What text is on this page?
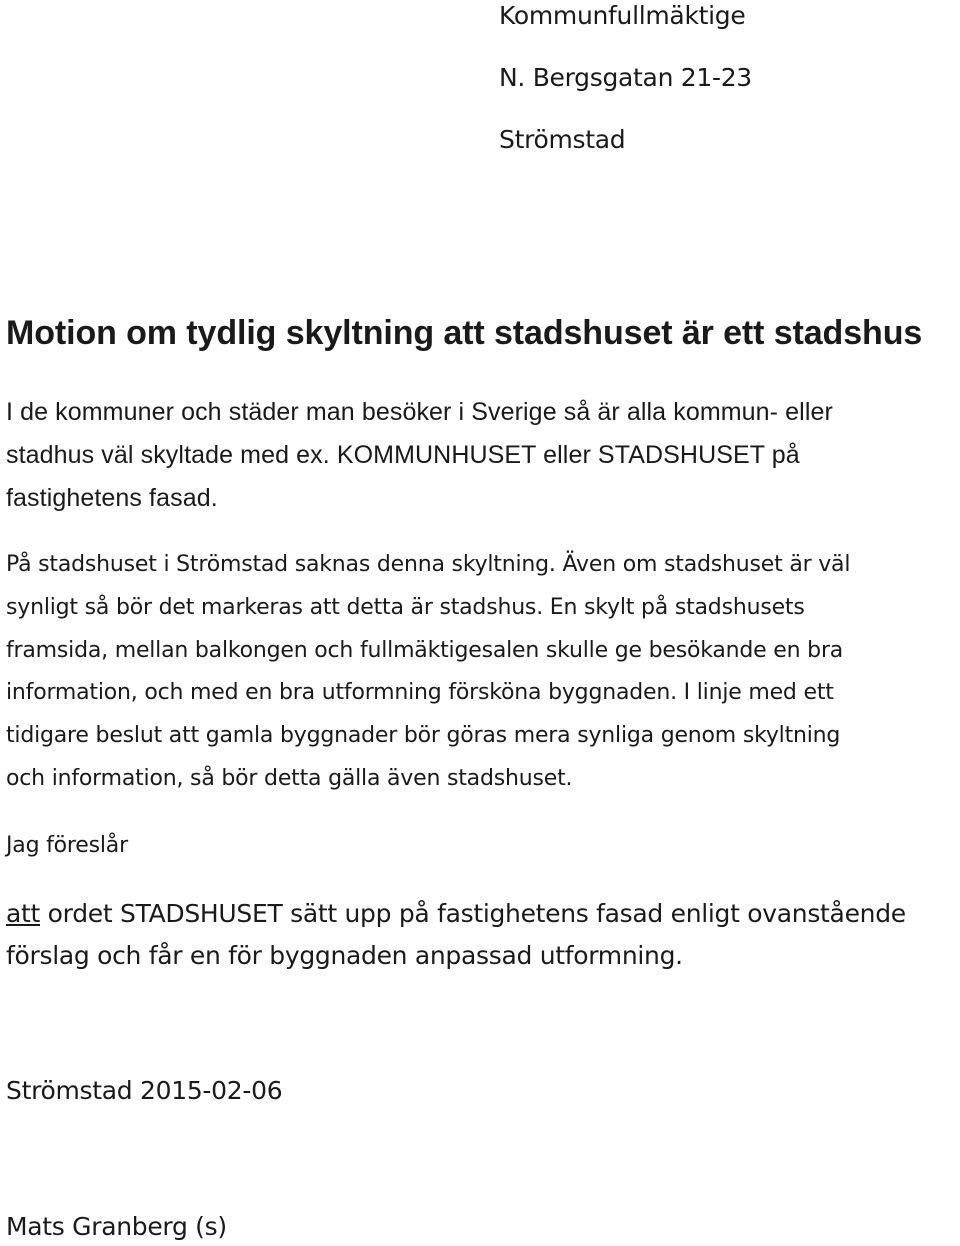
Kommunfullmäktige

N. Bergsgatan 21-23

Strömstad

Motion om tydlig skyltning att stadshuset är ett stadshus

I de kommuner och städer man besöker i Sverige så är alla kommun- eller

stadhus väl skyltade med ex. KOMMUNHUSET eller STADSHUSET på

fastighetens fasad.

På stadshuset i Strömstad saknas denna skyltning. Även om stadshuset är väl

synligt så bör det markeras att detta är stadshus. En skylt på stadshusets

framsida, mellan balkongen och fullmäktigesalen skulle ge besökande en bra

information, och med en bra utformning försköna byggnaden. I linje med ett

tidigare beslut att gamla byggnader bör göras mera synliga genom skyltning

och information, så bör detta gälla även stadshuset.

Jag föreslår

att ordet STADSHUSET sätt upp på fastighetens fasad enligt ovanstående

förslag och får en för byggnaden anpassad utformning.

Strömstad 2015-02-06

Mats Granberg (s)
